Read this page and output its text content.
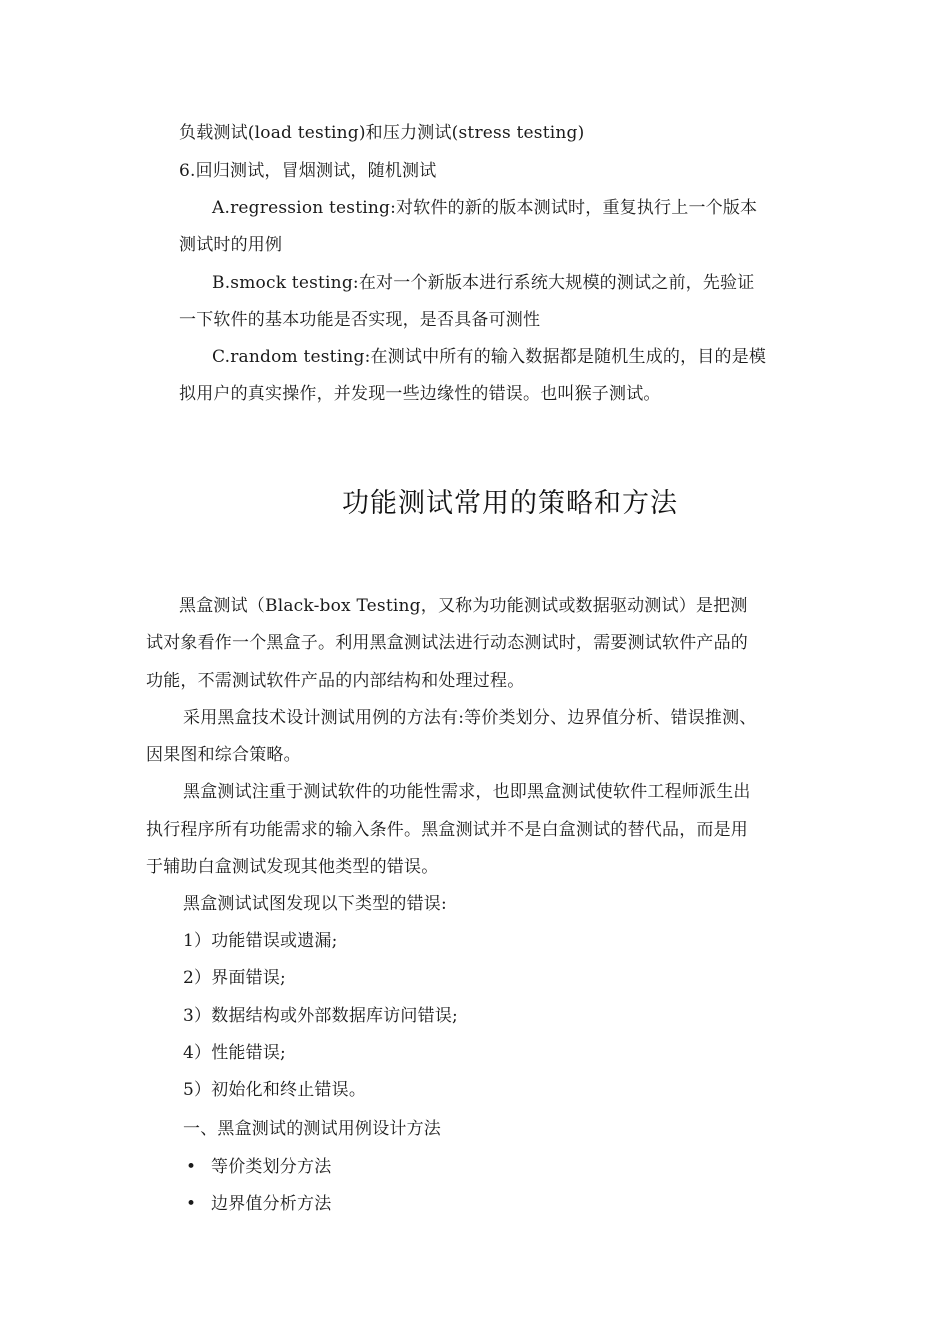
负载测试(load testing)和压力测试(stress testing)
6.回归测试，冒烟测试，随机测试
A.regression testing:对软件的新的版本测试时，重复执行上一个版本
测试时的用例
B.smock testing:在对一个新版本进行系统大规模的测试之前，先验证
一下软件的基本功能是否实现，是否具备可测性
C.random testing:在测试中所有的输入数据都是随机生成的，目的是模
拟用户的真实操作，并发现一些边缘性的错误。也叫猴子测试。
功能测试常用的策略和方法
黑盒测试（Black-box Testing，又称为功能测试或数据驱动测试）是把测
试对象看作一个黑盒子。利用黑盒测试法进行动态测试时，需要测试软件产品的
功能，不需测试软件产品的内部结构和处理过程。
采用黑盒技术设计测试用例的方法有:等价类划分、边界值分析、错误推测、
因果图和综合策略。
黑盒测试注重于测试软件的功能性需求，也即黑盒测试使软件工程师派生出
执行程序所有功能需求的输入条件。黑盒测试并不是白盒测试的替代品，而是用
于辅助白盒测试发现其他类型的错误。
黑盒测试试图发现以下类型的错误:
1）功能错误或遗漏;
2）界面错误;
3）数据结构或外部数据库访问错误;
4）性能错误;
5）初始化和终止错误。
一、黑盒测试的测试用例设计方法
• 等价类划分方法
• 边界值分析方法
